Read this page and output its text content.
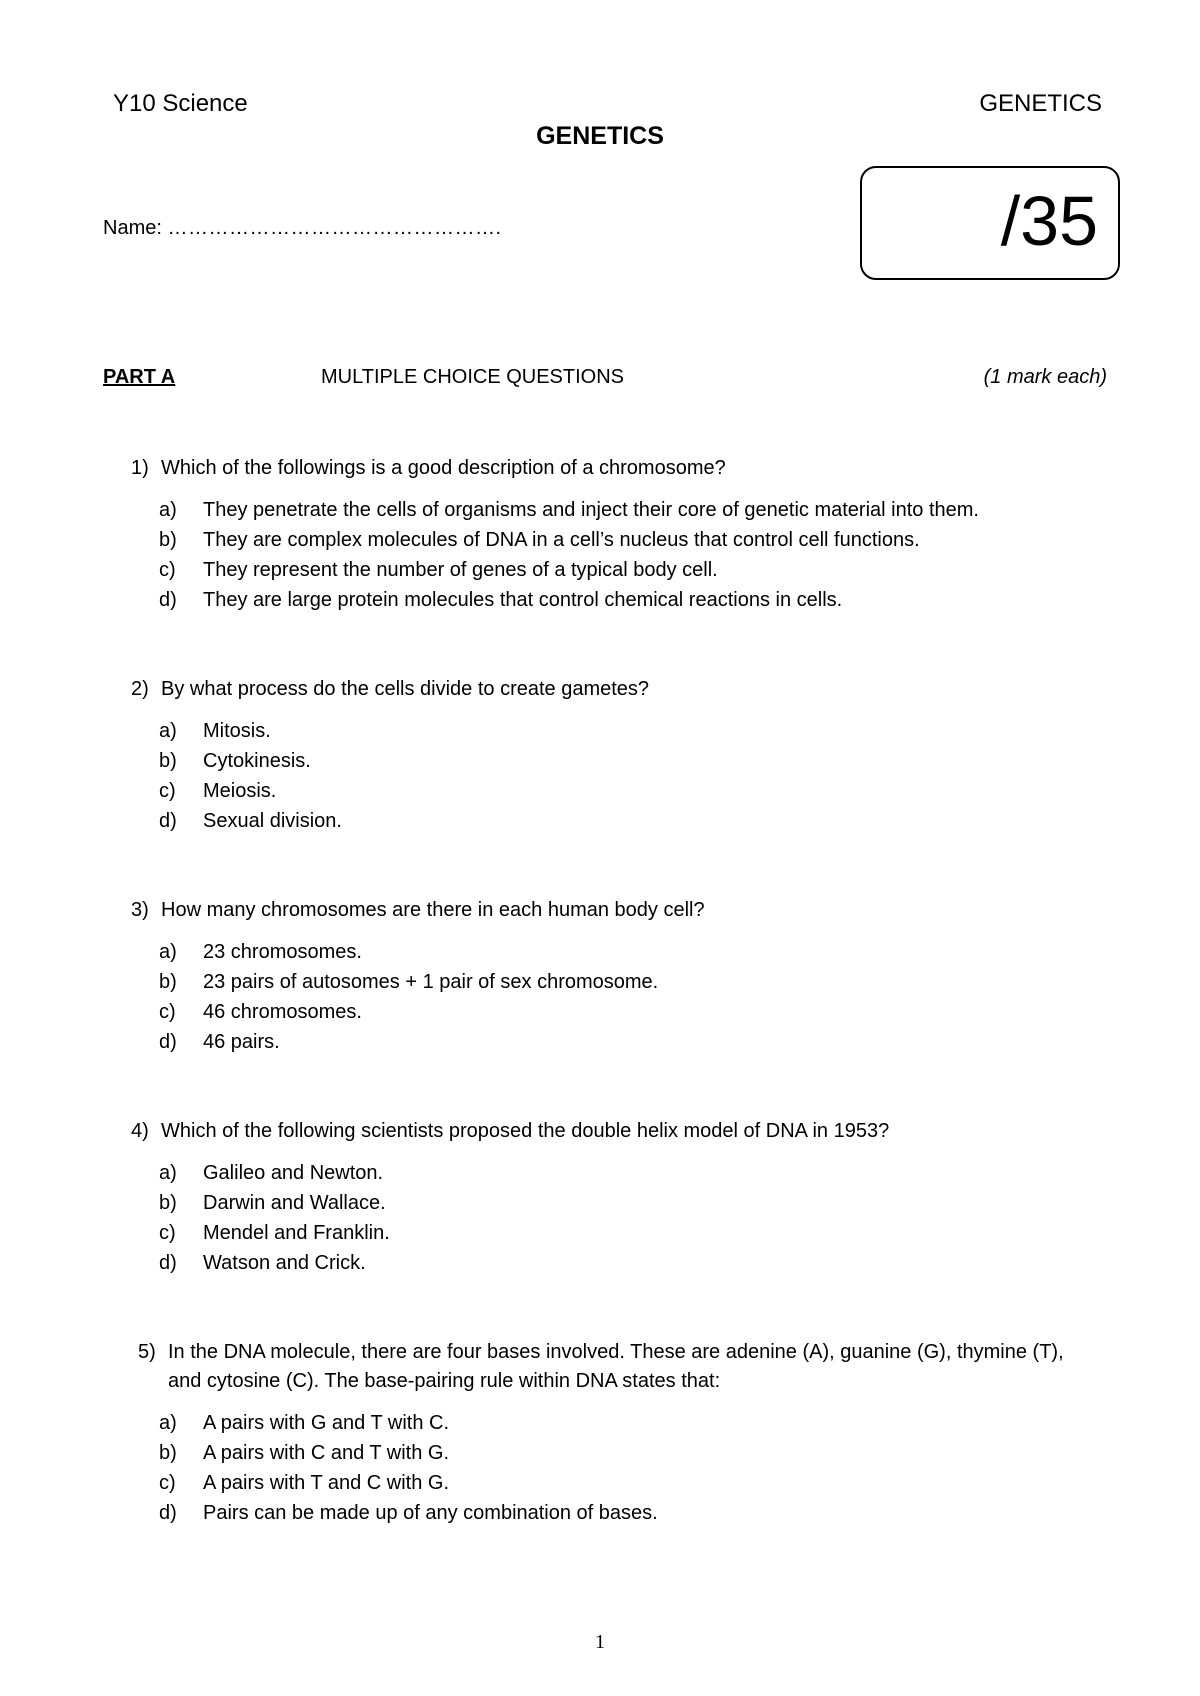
Y10 Science	GENETICS
GENETICS
Name: ………………………………………….	/35
PART A	MULTIPLE CHOICE QUESTIONS	(1 mark each)
1) Which of the followings is a good description of a chromosome?
a)	They penetrate the cells of organisms and inject their core of genetic material into them.
b)	They are complex molecules of DNA in a cell’s nucleus that control cell functions.
c)	They represent the number of genes of a typical body cell.
d)	They are large protein molecules that control chemical reactions in cells.
2) By what process do the cells divide to create gametes?
a)	Mitosis.
b)	Cytokinesis.
c)	Meiosis.
d)	Sexual division.
3) How many chromosomes are there in each human body cell?
a)	23 chromosomes.
b)	23 pairs of autosomes + 1 pair of sex chromosome.
c)	46 chromosomes.
d)	46 pairs.
4) Which of the following scientists proposed the double helix model of DNA in 1953?
a)	Galileo and Newton.
b)	Darwin and Wallace.
c)	Mendel and Franklin.
d)	Watson and Crick.
5) In the DNA molecule, there are four bases involved. These are adenine (A), guanine (G), thymine (T), and cytosine (C). The base-pairing rule within DNA states that:
a)	A pairs with G and T with C.
b)	A pairs with C and T with G.
c)	A pairs with T and C with G.
d)	Pairs can be made up of any combination of bases.
1
